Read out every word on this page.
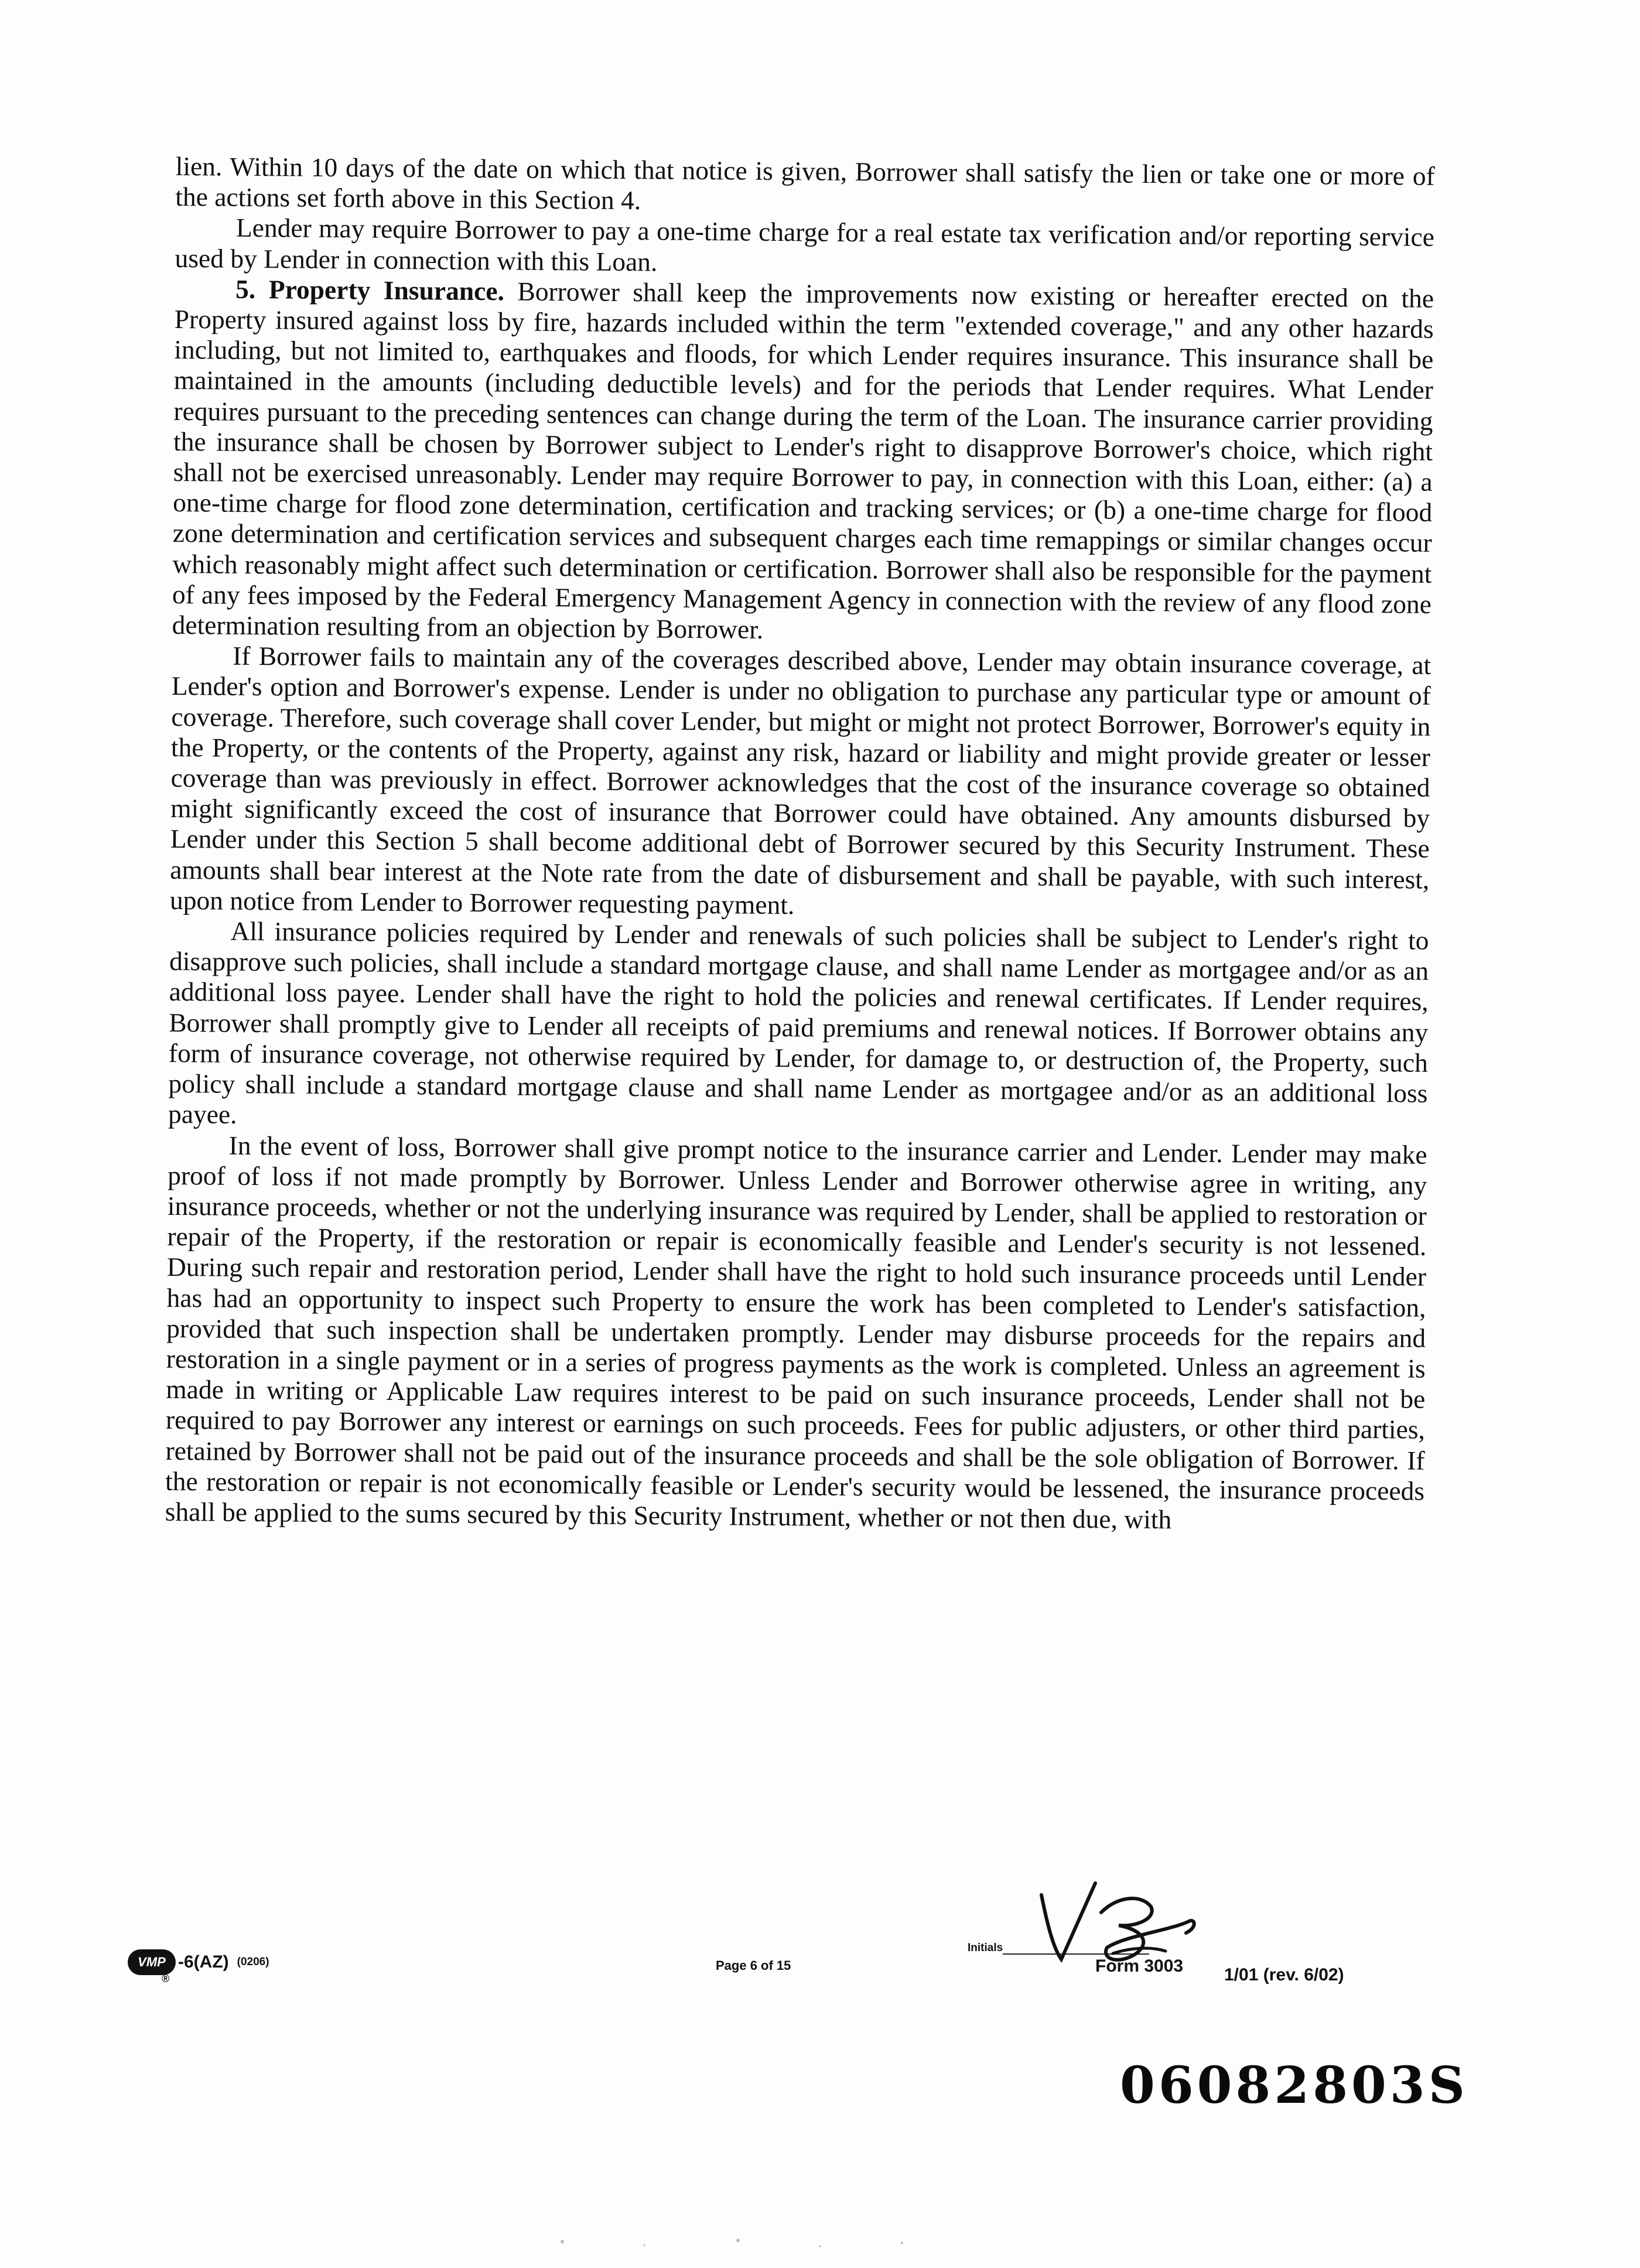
lien. Within 10 days of the date on which that notice is given, Borrower shall satisfy the lien or take one or more of the actions set forth above in this Section 4.

Lender may require Borrower to pay a one-time charge for a real estate tax verification and/or reporting service used by Lender in connection with this Loan.

5. Property Insurance. Borrower shall keep the improvements now existing or hereafter erected on the Property insured against loss by fire, hazards included within the term "extended coverage," and any other hazards including, but not limited to, earthquakes and floods, for which Lender requires insurance. This insurance shall be maintained in the amounts (including deductible levels) and for the periods that Lender requires. What Lender requires pursuant to the preceding sentences can change during the term of the Loan. The insurance carrier providing the insurance shall be chosen by Borrower subject to Lender's right to disapprove Borrower's choice, which right shall not be exercised unreasonably. Lender may require Borrower to pay, in connection with this Loan, either: (a) a one-time charge for flood zone determination, certification and tracking services; or (b) a one-time charge for flood zone determination and certification services and subsequent charges each time remappings or similar changes occur which reasonably might affect such determination or certification. Borrower shall also be responsible for the payment of any fees imposed by the Federal Emergency Management Agency in connection with the review of any flood zone determination resulting from an objection by Borrower.

If Borrower fails to maintain any of the coverages described above, Lender may obtain insurance coverage, at Lender's option and Borrower's expense. Lender is under no obligation to purchase any particular type or amount of coverage. Therefore, such coverage shall cover Lender, but might or might not protect Borrower, Borrower's equity in the Property, or the contents of the Property, against any risk, hazard or liability and might provide greater or lesser coverage than was previously in effect. Borrower acknowledges that the cost of the insurance coverage so obtained might significantly exceed the cost of insurance that Borrower could have obtained. Any amounts disbursed by Lender under this Section 5 shall become additional debt of Borrower secured by this Security Instrument. These amounts shall bear interest at the Note rate from the date of disbursement and shall be payable, with such interest, upon notice from Lender to Borrower requesting payment.

All insurance policies required by Lender and renewals of such policies shall be subject to Lender's right to disapprove such policies, shall include a standard mortgage clause, and shall name Lender as mortgagee and/or as an additional loss payee. Lender shall have the right to hold the policies and renewal certificates. If Lender requires, Borrower shall promptly give to Lender all receipts of paid premiums and renewal notices. If Borrower obtains any form of insurance coverage, not otherwise required by Lender, for damage to, or destruction of, the Property, such policy shall include a standard mortgage clause and shall name Lender as mortgagee and/or as an additional loss payee.

In the event of loss, Borrower shall give prompt notice to the insurance carrier and Lender. Lender may make proof of loss if not made promptly by Borrower. Unless Lender and Borrower otherwise agree in writing, any insurance proceeds, whether or not the underlying insurance was required by Lender, shall be applied to restoration or repair of the Property, if the restoration or repair is economically feasible and Lender's security is not lessened. During such repair and restoration period, Lender shall have the right to hold such insurance proceeds until Lender has had an opportunity to inspect such Property to ensure the work has been completed to Lender's satisfaction, provided that such inspection shall be undertaken promptly. Lender may disburse proceeds for the repairs and restoration in a single payment or in a series of progress payments as the work is completed. Unless an agreement is made in writing or Applicable Law requires interest to be paid on such insurance proceeds, Lender shall not be required to pay Borrower any interest or earnings on such proceeds. Fees for public adjusters, or other third parties, retained by Borrower shall not be paid out of the insurance proceeds and shall be the sole obligation of Borrower. If the restoration or repair is not economically feasible or Lender's security would be lessened, the insurance proceeds shall be applied to the sums secured by this Security Instrument, whether or not then due, with

VMP
®
-6(AZ) (0206)	Page 6 of 15
Initials
Form 3003 1/01 (rev. 6/02)
06082803S
